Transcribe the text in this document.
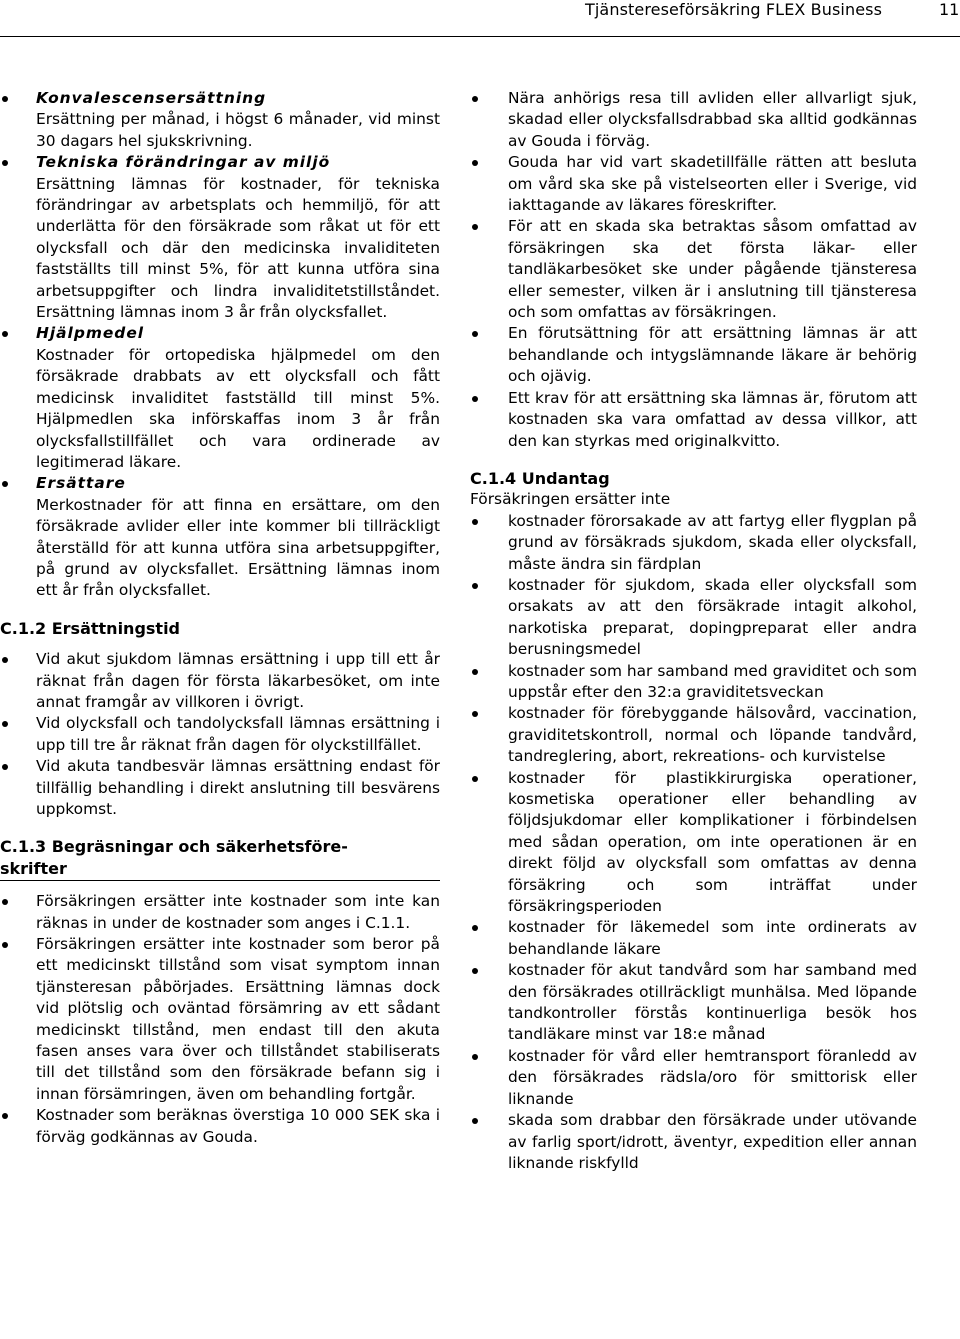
Tjänstereseförsäkring FLEX Business	11
Konvalescensersättning
Ersättning per månad, i högst 6 månader, vid minst 30 dagars hel sjukskrivning.
Tekniska förändringar av miljö
Ersättning lämnas för kostnader, för tekniska förändringar av arbetsplats och hemmiljö, för att underlätta för den försäkrade som råkat ut för ett olycksfall och där den medicinska invaliditeten fastställts till minst 5%, för att kunna utföra sina arbetsuppgifter och lindra invaliditetstillståndet. Ersättning lämnas inom 3 år från olycksfallet.
Hjälpmedel
Kostnader för ortopediska hjälpmedel om den försäkrade drabbats av ett olycksfall och fått medicinsk invaliditet fastställd till minst 5%. Hjälpmedlen ska införskaffas inom 3 år från olycksfallstillfället och vara ordinerade av legitimerad läkare.
Ersättare
Merkostnader för att finna en ersättare, om den försäkrade avlider eller inte kommer bli tillräckligt återställd för att kunna utföra sina arbetsuppgifter, på grund av olycksfallet. Ersättning lämnas inom ett år från olycksfallet.
C.1.2 Ersättningstid
Vid akut sjukdom lämnas ersättning i upp till ett år räknat från dagen för första läkarbesöket, om inte annat framgår av villkoren i övrigt.
Vid olycksfall och tandolycksfall lämnas ersättning i upp till tre år räknat från dagen för olyckstillfället.
Vid akuta tandbesvär lämnas ersättning endast för tillfällig behandling i direkt anslutning till besvärens uppkomst.
C.1.3 Begräsningar och säkerhetsföre-
skrifter
Försäkringen ersätter inte kostnader som inte kan räknas in under de kostnader som anges i C.1.1.
Försäkringen ersätter inte kostnader som beror på ett medicinskt tillstånd som visat symptom innan tjänsteresan påbörjades. Ersättning lämnas dock vid plötslig och oväntad försämring av ett sådant medicinskt tillstånd, men endast till den akuta fasen anses vara över och tillståndet stabiliserats till det tillstånd som den försäkrade befann sig i innan försämringen, även om behandling fortgår.
Kostnader som beräknas överstiga 10 000 SEK ska i förväg godkännas av Gouda.
Nära anhörigs resa till avliden eller allvarligt sjuk, skadad eller olycksfallsdrabbad ska alltid godkännas av Gouda i förväg.
Gouda har vid vart skadetillfälle rätten att besluta om vård ska ske på vistelseorten eller i Sverige, vid iakttagande av läkares föreskrifter.
För att en skada ska betraktas såsom omfattad av försäkringen ska det första läkar- eller tandläkarbesöket ske under pågående tjänsteresa eller semester, vilken är i anslutning till tjänsteresa och som omfattas av försäkringen.
En förutsättning för att ersättning lämnas är att behandlande och intygslämnande läkare är behörig och ojävig.
Ett krav för att ersättning ska lämnas är, förutom att kostnaden ska vara omfattad av dessa villkor, att den kan styrkas med originalkvitto.
C.1.4 Undantag
Försäkringen ersätter inte
kostnader förorsakade av att fartyg eller flygplan på grund av försäkrads sjukdom, skada eller olycksfall, måste ändra sin färdplan
kostnader för sjukdom, skada eller olycksfall som orsakats av att den försäkrade intagit alkohol, narkotiska preparat, dopingpreparat eller andra berusningsmedel
kostnader som har samband med graviditet och som uppstår efter den 32:a graviditetsveckan
kostnader för förebyggande hälsovård, vaccination, graviditetskontroll, normal och löpande tandvård, tandreglering, abort, rekreations- och kurvistelse
kostnader för plastikkirurgiska operationer, kosmetiska operationer eller behandling av följdsjukdomar eller komplikationer i förbindelsen med sådan operation, om inte operationen är en direkt följd av olycksfall som omfattas av denna försäkring och som inträffat under försäkringsperioden
kostnader för läkemedel som inte ordinerats av behandlande läkare
kostnader för akut tandvård som har samband med den försäkrades otillräckligt munhälsa. Med löpande tandkontroller förstås kontinuerliga besök hos tandläkare minst var 18:e månad
kostnader för vård eller hemtransport föranledd av den försäkrades rädsla/oro för smittorisk eller liknande
skada som drabbar den försäkrade under utövande av farlig sport/idrott, äventyr, expedition eller annan liknande riskfylld
